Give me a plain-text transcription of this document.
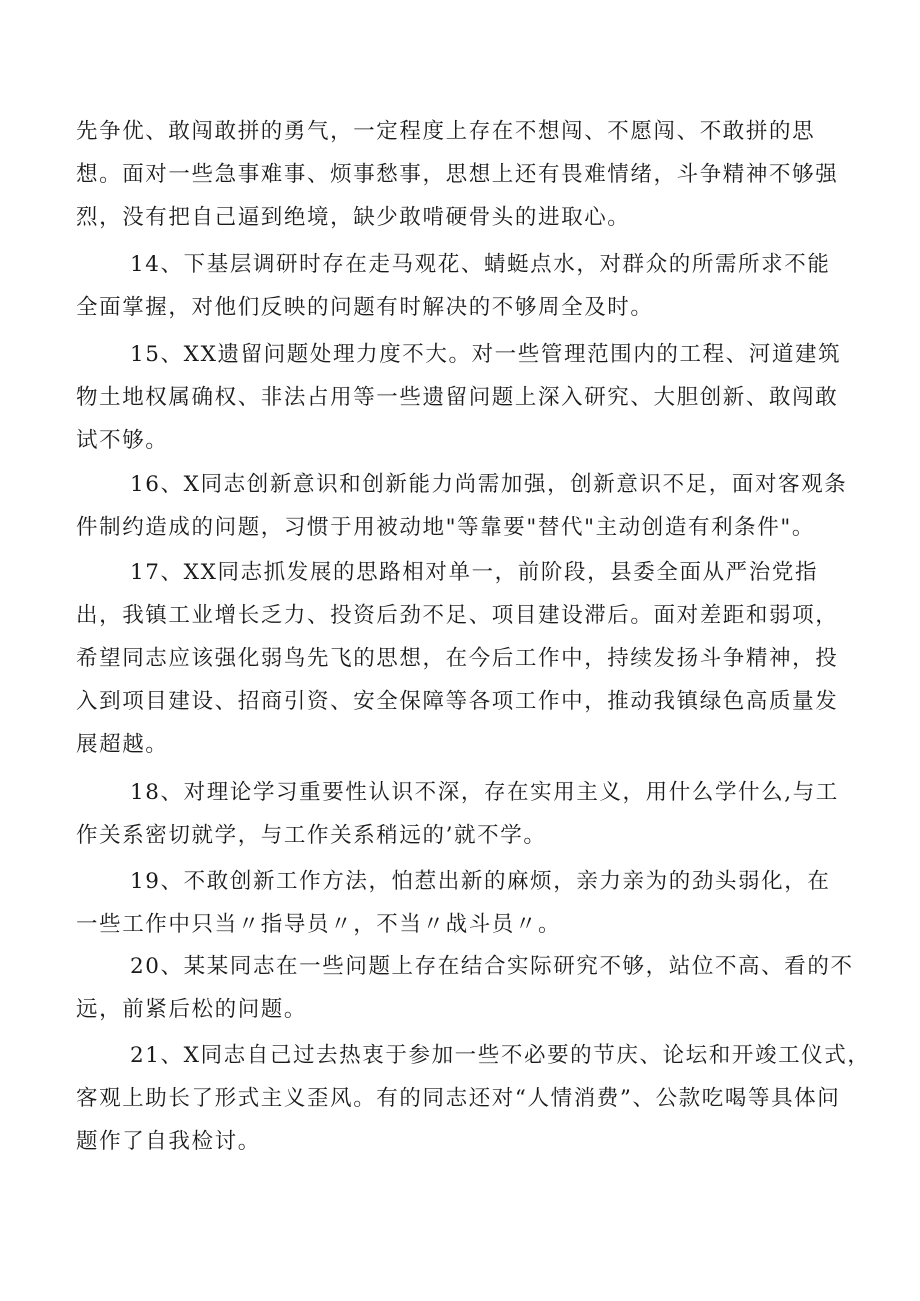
先争优、敢闯敢拼的勇气，一定程度上存在不想闯、不愿闯、不敢拼的思
想。面对一些急事难事、烦事愁事，思想上还有畏难情绪，斗争精神不够强
烈，没有把自己逼到绝境，缺少敢啃硬骨头的进取心。
14、下基层调研时存在走马观花、蜻蜓点水，对群众的所需所求不能
全面掌握，对他们反映的问题有时解决的不够周全及时。
15、XX遗留问题处理力度不大。对一些管理范围内的工程、河道建筑
物土地权属确权、非法占用等一些遗留问题上深入研究、大胆创新、敢闯敢
试不够。
16、X同志创新意识和创新能力尚需加强，创新意识不足，面对客观条
件制约造成的问题，习惯于用被动地"等靠要"替代"主动创造有利条件"。
17、XX同志抓发展的思路相对单一，前阶段，县委全面从严治党指
出，我镇工业增长乏力、投资后劲不足、项目建设滞后。面对差距和弱项，
希望同志应该强化弱鸟先飞的思想，在今后工作中，持续发扬斗争精神，投
入到项目建设、招商引资、安全保障等各项工作中，推动我镇绿色高质量发
展超越。
18、对理论学习重要性认识不深，存在实用主义，用什么学什么,与工
作关系密切就学，与工作关系稍远的’就不学。
19、不敢创新工作方法，怕惹出新的麻烦，亲力亲为的劲头弱化，在
一些工作中只当〃指导员〃，不当〃战斗员〃。
20、某某同志在一些问题上存在结合实际研究不够，站位不高、看的不
远，前紧后松的问题。
21、X同志自己过去热衷于参加一些不必要的节庆、论坛和开竣工仪式，
客观上助长了形式主义歪风。有的同志还对“人情消费”、公款吃喝等具体问
题作了自我检讨。
